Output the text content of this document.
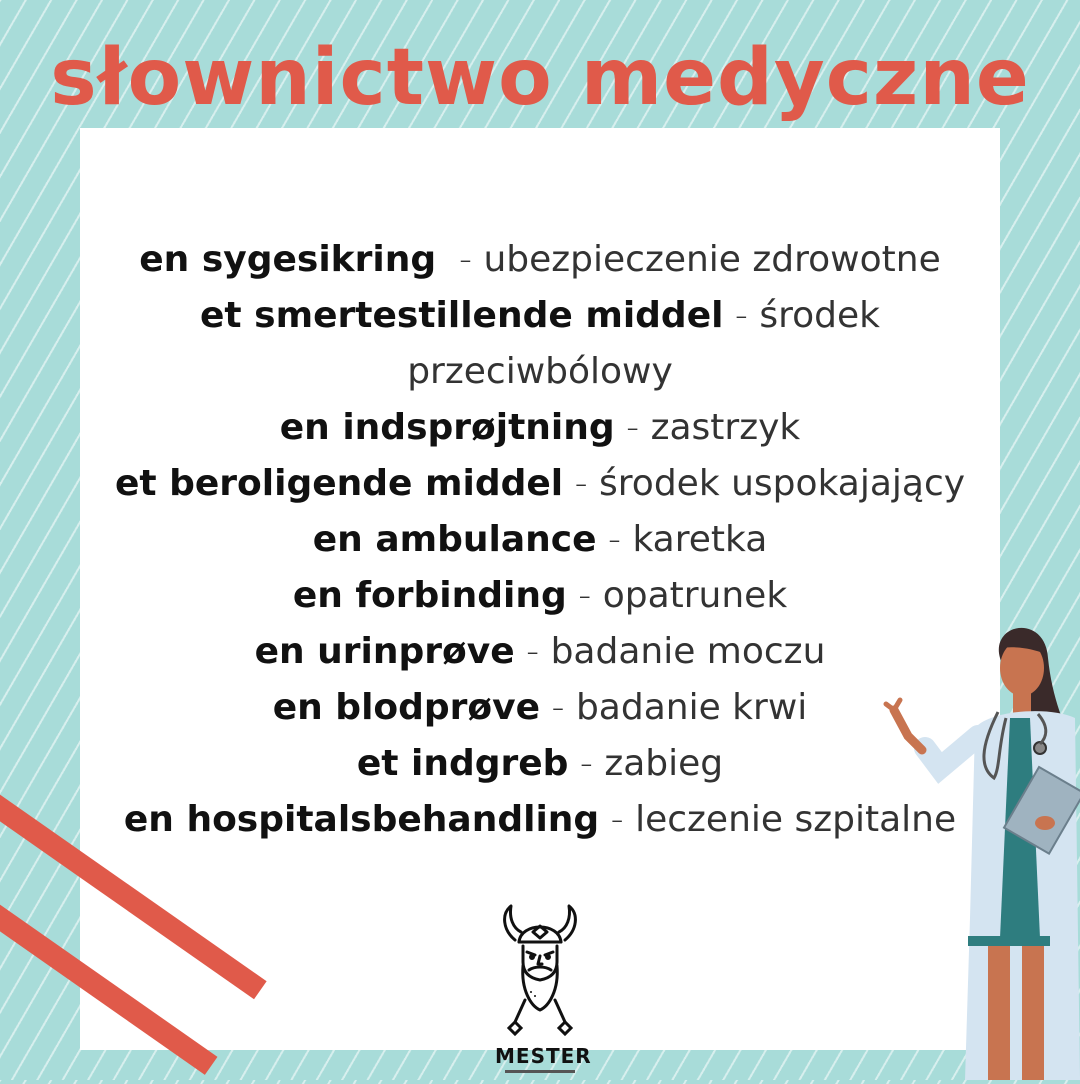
słownictwo medyczne
en sygesikring  - ubezpieczenie zdrowotne
et smertestillende middel - środek przeciwbólowy
en indsprøjtning - zastrzyk
et beroligende middel - środek uspokajający
en ambulance - karetka
en forbinding - opatrunek
en urinprøve - badanie moczu
en blodprøve - badanie krwi
et indgreb - zabieg
en hospitalsbehandling - leczenie szpitalne
MESTER
